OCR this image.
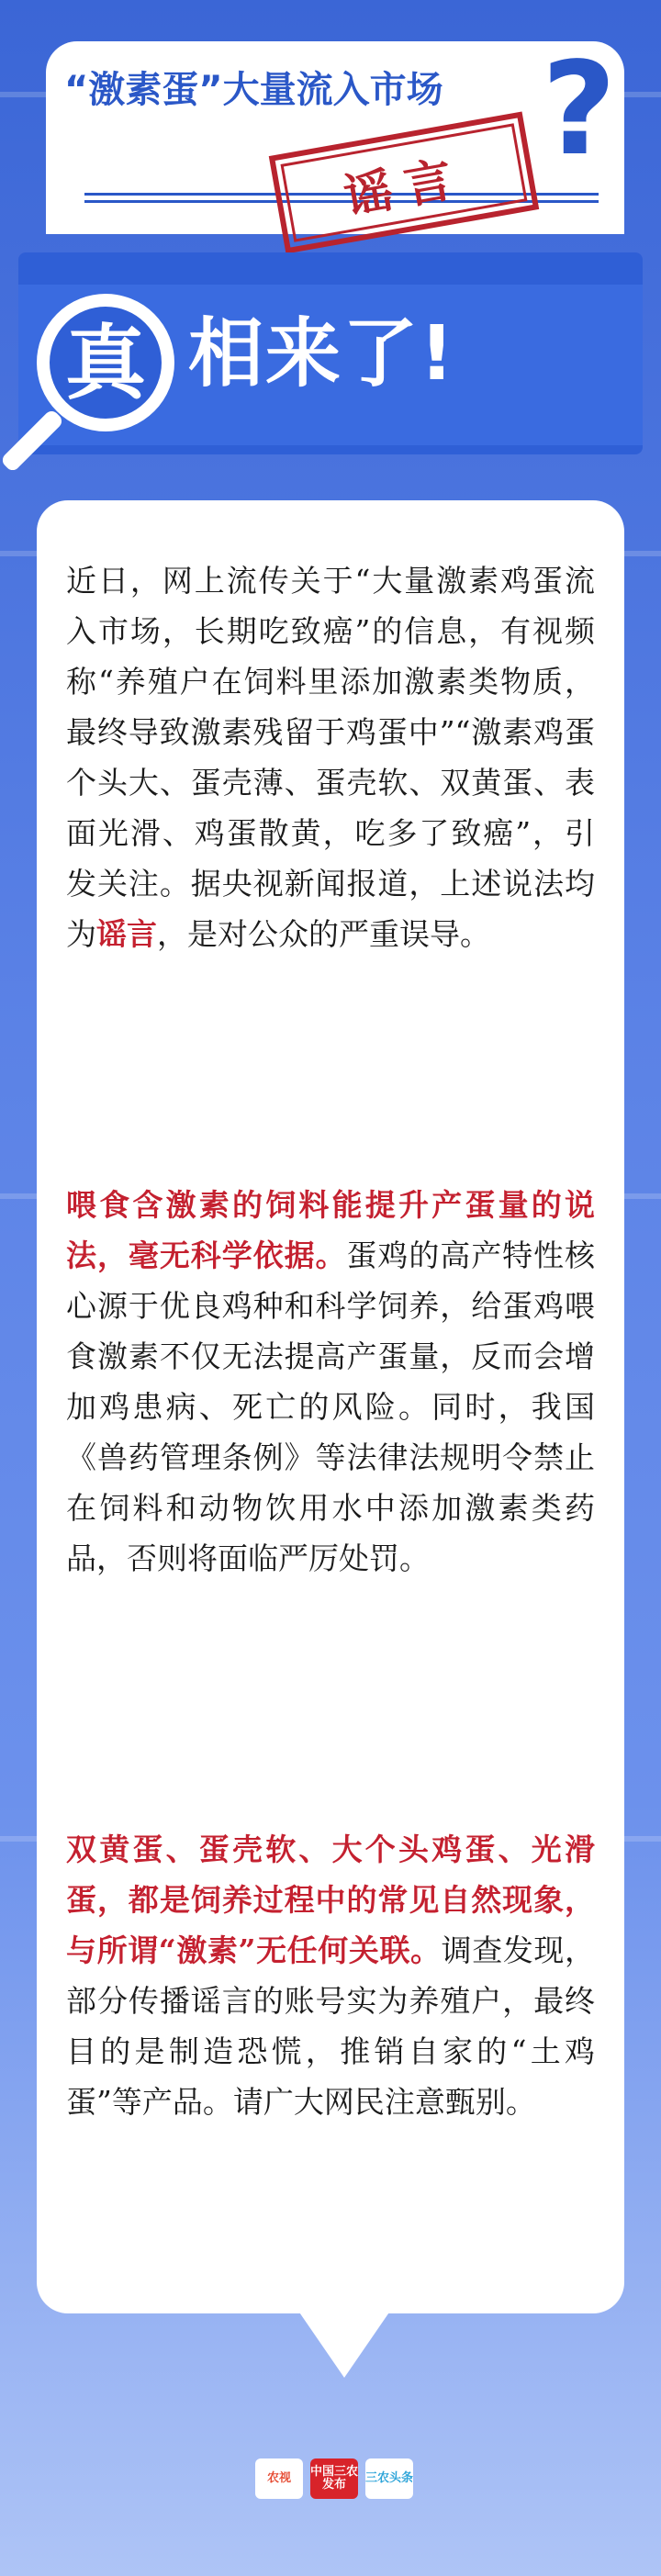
“激素蛋”大量流入市场 ?
谣言
真 相来了!

近日，网上流传关于“大量激素鸡蛋流入市场，长期吃致癌”的信息，有视频称“养殖户在饲料里添加激素类物质，最终导致激素残留于鸡蛋中”“激素鸡蛋个头大、蛋壳薄、蛋壳软、双黄蛋、表面光滑、鸡蛋散黄，吃多了致癌”，引发关注。据央视新闻报道，上述说法均为谣言，是对公众的严重误导。

喂食含激素的饲料能提升产蛋量的说法，毫无科学依据。蛋鸡的高产特性核心源于优良鸡种和科学饲养，给蛋鸡喂食激素不仅无法提高产蛋量，反而会增加鸡患病、死亡的风险。同时，我国《兽药管理条例》等法律法规明令禁止在饲料和动物饮用水中添加激素类药品，否则将面临严厉处罚。

双黄蛋、蛋壳软、大个头鸡蛋、光滑蛋，都是饲养过程中的常见自然现象，与所谓“激素”无任何关联。调查发现，部分传播谣言的账号实为养殖户，最终目的是制造恐慌，推销自家的“土鸡蛋”等产品。请广大网民注意甄别。

农视	中国三农发布	三农头条
